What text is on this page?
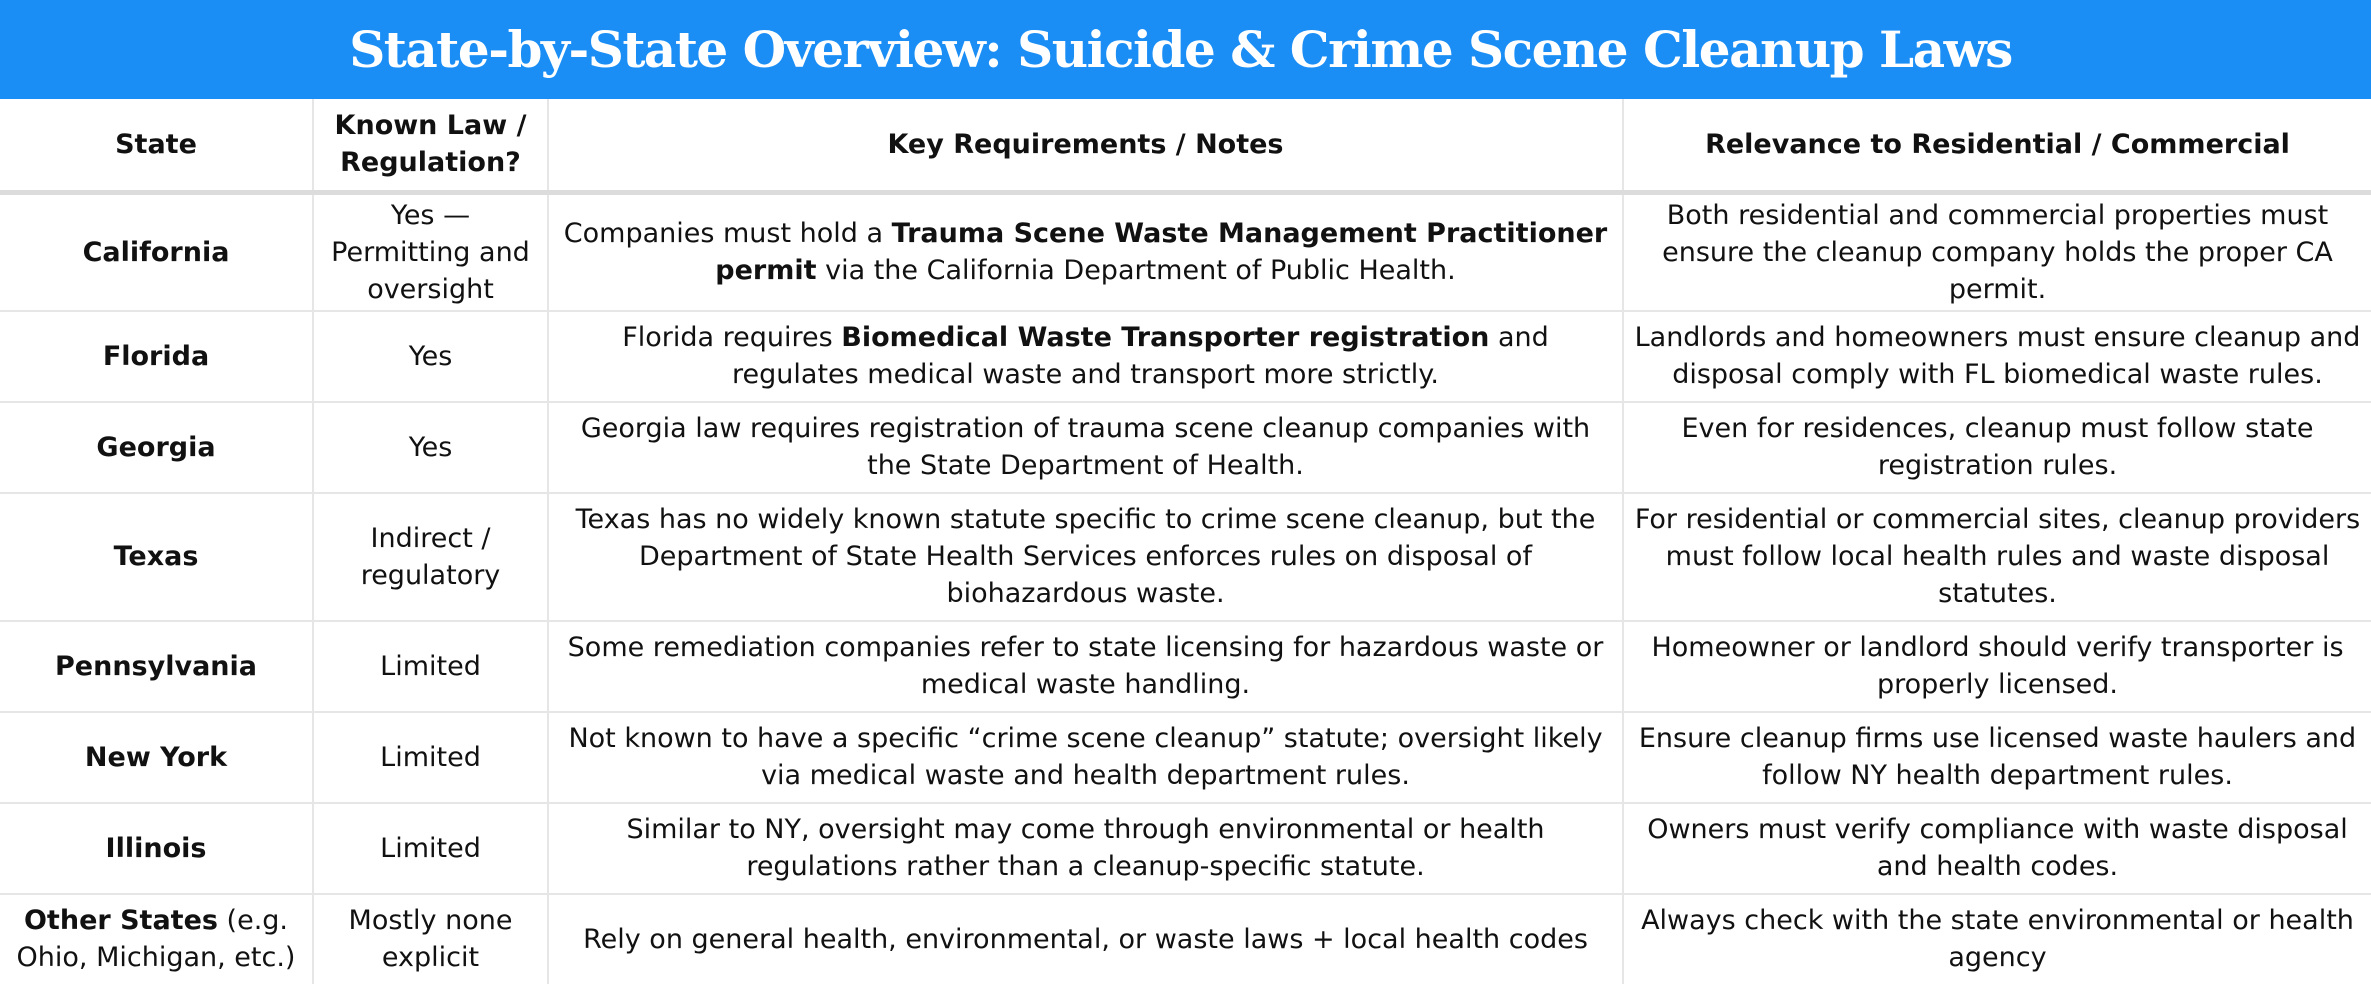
State-by-State Overview: Suicide & Crime Scene Cleanup Laws
State	Known Law / Regulation?	Key Requirements / Notes	Relevance to Residential / Commercial
California	Yes — Permitting and oversight	Companies must hold a Trauma Scene Waste Management Practitioner permit via the California Department of Public Health.	Both residential and commercial properties must ensure the cleanup company holds the proper CA permit.
Florida	Yes	Florida requires Biomedical Waste Transporter registration and regulates medical waste and transport more strictly.	Landlords and homeowners must ensure cleanup and disposal comply with FL biomedical waste rules.
Georgia	Yes	Georgia law requires registration of trauma scene cleanup companies with the State Department of Health.	Even for residences, cleanup must follow state registration rules.
Texas	Indirect / regulatory	Texas has no widely known statute specific to crime scene cleanup, but the Department of State Health Services enforces rules on disposal of biohazardous waste.	For residential or commercial sites, cleanup providers must follow local health rules and waste disposal statutes.
Pennsylvania	Limited	Some remediation companies refer to state licensing for hazardous waste or medical waste handling.	Homeowner or landlord should verify transporter is properly licensed.
New York	Limited	Not known to have a specific “crime scene cleanup” statute; oversight likely via medical waste and health department rules.	Ensure cleanup firms use licensed waste haulers and follow NY health department rules.
Illinois	Limited	Similar to NY, oversight may come through environmental or health regulations rather than a cleanup-specific statute.	Owners must verify compliance with waste disposal and health codes.
Other States (e.g. Ohio, Michigan, etc.)	Mostly none explicit	Rely on general health, environmental, or waste laws + local health codes	Always check with the state environmental or health agency
